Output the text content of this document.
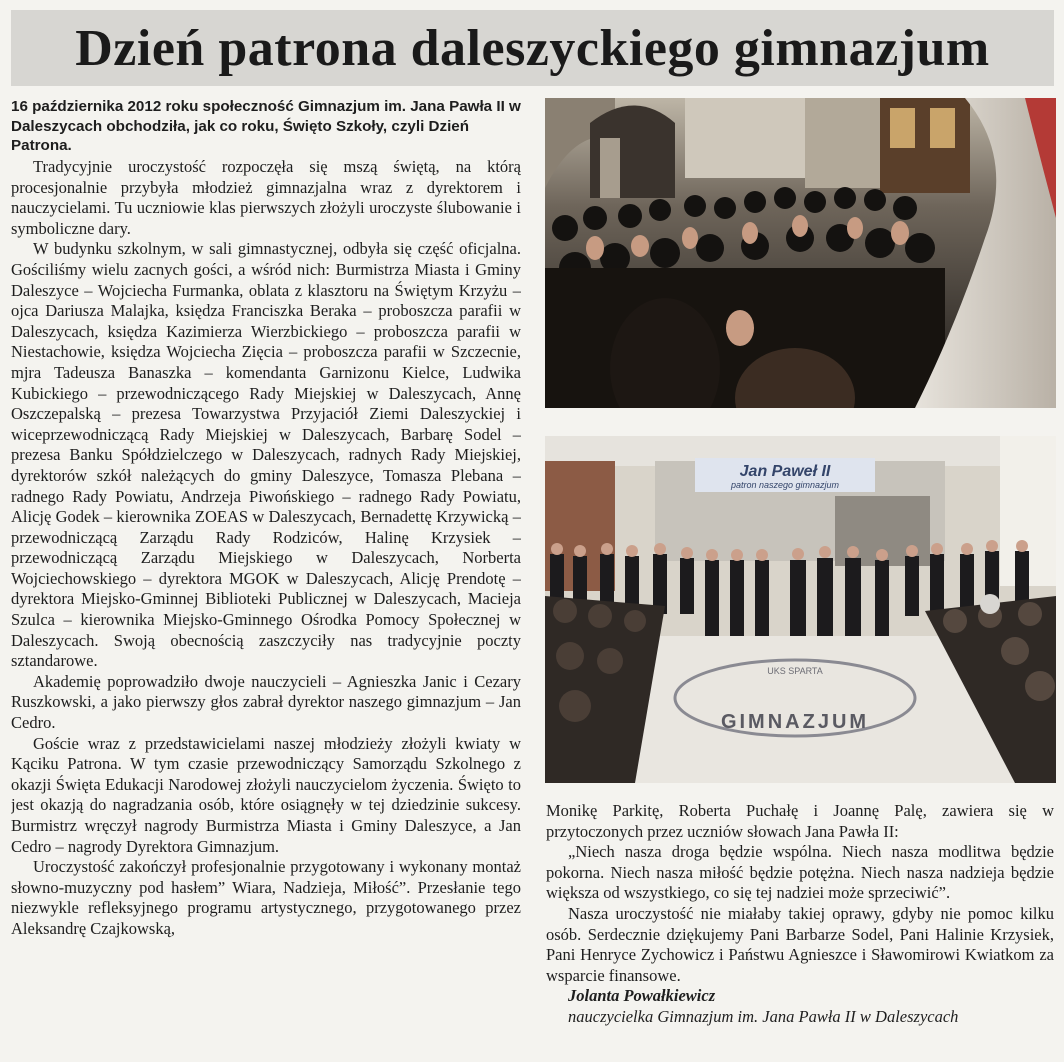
Dzień patrona daleszyckiego gimnazjum

16 października 2012 roku społeczność Gimnazjum im. Jana Pawła II w Daleszycach obchodziła, jak co roku, Święto Szkoły, czyli Dzień Patrona.

Tradycyjnie uroczystość rozpoczęła się mszą świętą, na którą procesjonalnie przybyła młodzież gimnazjalna wraz z dyrektorem i nauczycielami. Tu uczniowie klas pierwszych złożyli uroczyste ślubowanie i symboliczne dary.

W budynku szkolnym, w sali gimnastycznej, odbyła się część oficjalna. Gościliśmy wielu zacnych gości, a wśród nich: Burmistrza Miasta i Gminy Daleszyce – Wojciecha Furmanka, oblata z klasztoru na Świętym Krzyżu – ojca Dariusza Malajka, księdza Franciszka Beraka – proboszcza parafii w Daleszycach, księdza Kazimierza Wierzbickiego – proboszcza parafii w Niestachowie, księdza Wojciecha Zięcia – proboszcza parafii w Szczecnie, mjra Tadeusza Banaszka – komendanta Garnizonu Kielce, Ludwika Kubickiego – przewodniczącego Rady Miejskiej w Daleszycach, Annę Oszczepalską – prezesa Towarzystwa Przyjaciół Ziemi Daleszyckiej i wiceprzewodniczącą Rady Miejskiej w Daleszycach, Barbarę Sodel – prezesa Banku Spółdzielczego w Daleszycach, radnych Rady Miejskiej, dyrektorów szkół należących do gminy Daleszyce, Tomasza Plebana – radnego Rady Powiatu, Andrzeja Piwońskiego – radnego Rady Powiatu, Alicję Godek – kierownika ZOEAS w Daleszycach, Bernadettę Krzywicką – przewodniczącą Zarządu Rady Rodziców, Halinę Krzysiek – przewodniczącą Zarządu Miejskiego w Daleszycach, Norberta Wojciechowskiego – dyrektora MGOK w Daleszycach, Alicję Prendotę – dyrektora Miejsko-Gminnej Biblioteki Publicznej w Daleszycach, Macieja Szulca – kierownika Miejsko-Gminnego Ośrodka Pomocy Społecznej w Daleszycach. Swoją obecnością zaszczyciły nas tradycyjnie poczty sztandarowe.

Akademię poprowadziło dwoje nauczycieli – Agnieszka Janic i Cezary Ruszkowski, a jako pierwszy głos zabrał dyrektor naszego gimnazjum – Jan Cedro.

Goście wraz z przedstawicielami naszej młodzieży złożyli kwiaty w Kąciku Patrona. W tym czasie przewodniczący Samorządu Szkolnego z okazji Święta Edukacji Narodowej złożyli nauczycielom życzenia. Święto to jest okazją do nagradzania osób, które osiągnęły w tej dziedzinie sukcesy. Burmistrz wręczył nagrody Burmistrza Miasta i Gminy Daleszyce, a Jan Cedro – nagrody Dyrektora Gimnazjum.

Uroczystość zakończył profesjonalnie przygotowany i wykonany montaż słowno-muzyczny pod hasłem” Wiara, Nadzieja, Miłość”. Przesłanie tego niezwykle refleksyjnego programu artystycznego, przygotowanego przez Aleksandrę Czajkowską,

Jan Paweł II
patron naszego gimnazjum
UKS SPARTA
GIMNAZJUM

Monikę Parkitę, Roberta Puchałę i Joannę Palę, zawiera się w przytoczonych przez uczniów słowach Jana Pawła II:

„Niech nasza droga będzie wspólna. Niech nasza modlitwa będzie pokorna. Niech nasza miłość będzie potężna. Niech nasza nadzieja będzie większa od wszystkiego, co się tej nadziei może sprzeciwić”.

Nasza uroczystość nie miałaby takiej oprawy, gdyby nie pomoc kilku osób. Serdecznie dziękujemy Pani Barbarze Sodel, Pani Halinie Krzysiek, Pani Henryce Zychowicz i Państwu Agnieszce i Sławomirowi Kwiatkom za wsparcie finansowe.

Jolanta Powałkiewicz

nauczycielka Gimnazjum im. Jana Pawła II w Daleszycach
